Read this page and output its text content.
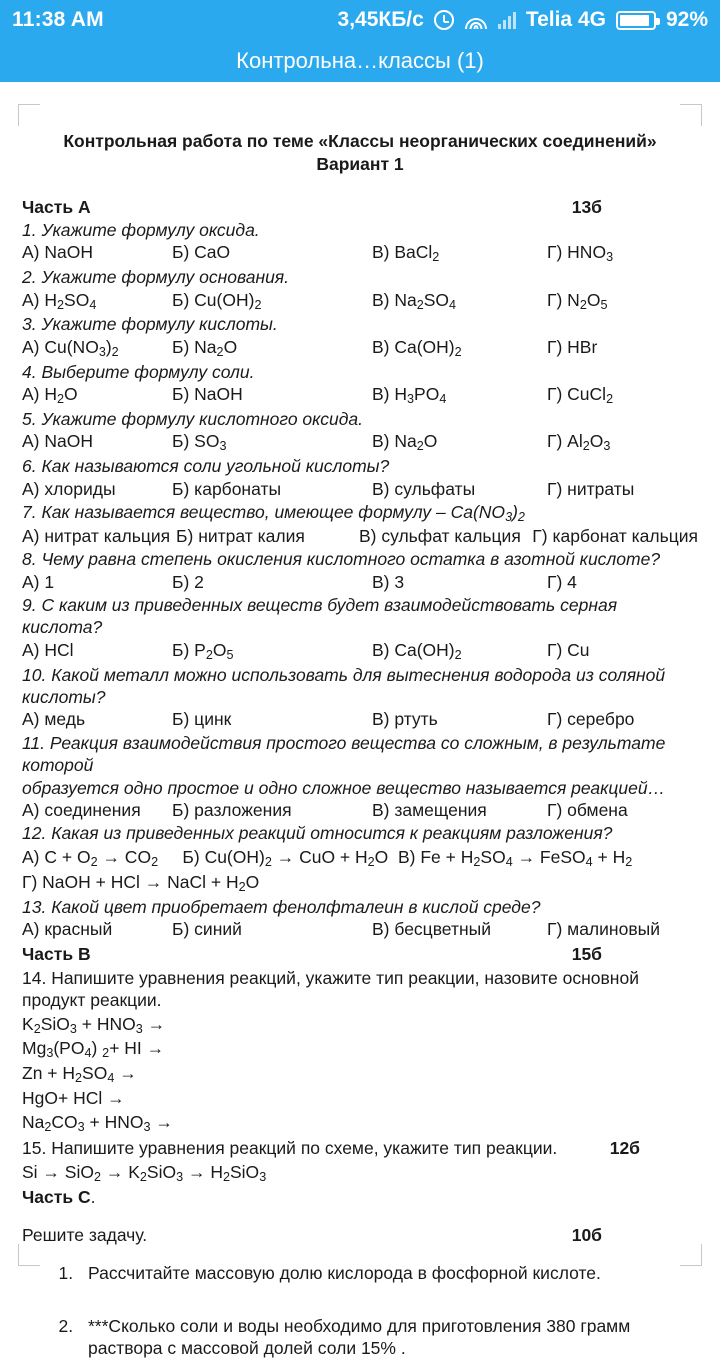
11:38 AM	3,45КБ/с	Telia 4G	92%
Контрольна…классы (1)
Контрольная работа по теме «Классы неорганических соединений»
Вариант 1
Часть А	13б
1. Укажите формулу оксида.
А) NaOH	Б) CaO	В) BaCl$_2$	Г) $HNO_3$
2. Укажите формулу основания.
А) $H_2SO_4$	Б) $Cu(OH)_2$	В) $Na_2SO_4$	Г) $N_2O_5$
3. Укажите формулу кислоты.
А) $Cu(NO_3)_2$	Б) $Na_2O$	В) $Ca(OH)_2$	Г) HBr
4. Выберите формулу соли.
А) $H_2O$	Б) NaOH	В) $H_3PO_4$	Г) CuCl$_2$
5. Укажите формулу кислотного оксида.
А) NaOH	Б) $SO_3$	В) $Na_2O$	Г) $Al_2O_3$
6. Как называются соли угольной кислоты?
А) хлориды	Б) карбонаты	В) сульфаты	Г) нитраты
7. Как называется вещество, имеющее формулу – $Ca(NO_3)_2$
А) нитрат кальция Б) нитрат калия	В) сульфат кальция Г) карбонат кальция
8. Чему равна степень окисления кислотного остатка в азотной кислоте?
А) 1	Б) 2	В) 3	Г) 4
9. С каким из приведенных веществ будет взаимодействовать серная кислота?
А) HCl	Б) $P_2O_5$	В) $Ca(OH)_2$	Г) Cu
10. Какой металл можно использовать для вытеснения водорода из соляной кислоты?
А) медь	Б) цинк	В) ртуть	Г) серебро
11. Реакция взаимодействия простого вещества со сложным, в результате которой
образуется одно простое и одно сложное вещество называется реакцией…
А) соединения	Б) разложения	В) замещения	Г) обмена
12. Какая из приведенных реакций относится к реакциям разложения?
А) $C + O_2 \to CO_2$     Б) $Cu(OH)_2$ → CuO + $H_2O$  В) $Fe + H_2SO_4$ → FeSO$_4$ + $H_2$
Г) NaOH + HCl → NaCl + $H_2O$
13. Какой цвет приобретает фенолфталеин в кислой среде?
А) красный	Б) синий	В) бесцветный	Г) малиновый
Часть В	15б
14. Напишите уравнения реакций, укажите тип реакции, назовите основной продукт реакции.
$K_2SiO_3 + HNO_3$ →
$Mg_3(PO_4)$ $_2$+ HI →
$Zn + H_2SO_4$ →
HgO+ HCl →
$Na_2CO_3 + HNO_3$ →
15. Напишите уравнения реакций по схеме, укажите тип реакции.	12б
$Si \to SiO_2 \to K_2SiO_3 \to H_2SiO_3$
Часть С.
Решите задачу.	10б
1. Рассчитайте массовую долю кислорода в фосфорной кислоте.
2. ***Сколько соли и воды необходимо для приготовления 380 грамм раствора с массовой долей соли 15% .
